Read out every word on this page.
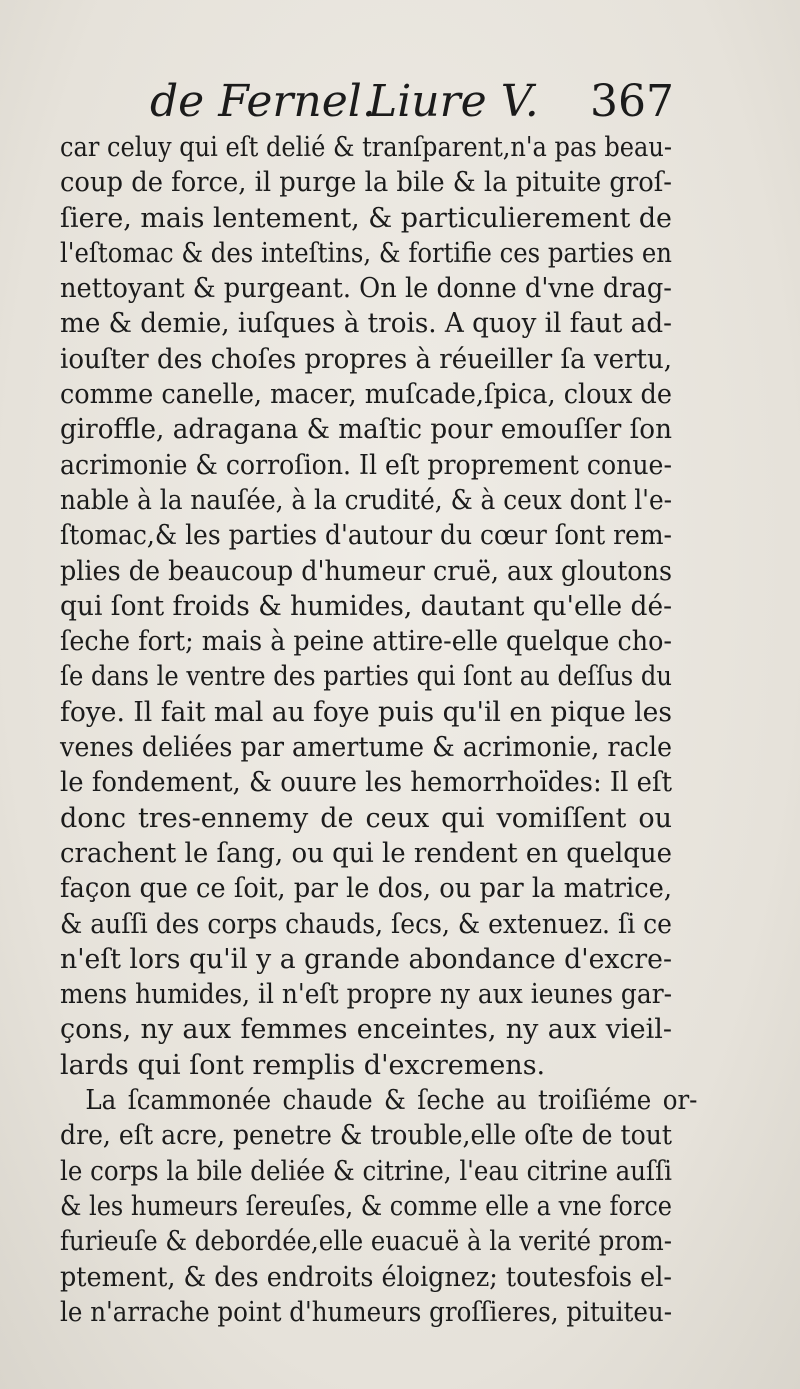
de Fernel.
Liure V. 367

car celuy qui eſt delié & tranſparent,n'a pas beau-
coup de force, il purge la bile & la pituite groſ-
ſiere, mais lentement, & particulierement de
l'eſtomac & des inteſtins, & fortifie ces parties en
nettoyant & purgeant. On le donne d'vne drag-
me & demie, iuſques à trois. A quoy il faut ad-
iouſter des choſes propres à réueiller ſa vertu,
comme canelle, macer, muſcade,ſpica, cloux de
giroffle, adragana & maſtic pour emouſſer ſon
acrimonie & corroſion. Il eſt proprement conue-
nable à la nauſée, à la crudité, & à ceux dont l'e-
ſtomac,& les parties d'autour du cœur ſont rem-
plies de beaucoup d'humeur cruë, aux gloutons
qui ſont froids & humides, dautant qu'elle dé-
ſeche fort; mais à peine attire-elle quelque cho-
ſe dans le ventre des parties qui ſont au deſſus du
foye. Il fait mal au foye puis qu'il en pique les
venes deliées par amertume & acrimonie, racle
le fondement, & ouure les hemorrhoïdes: Il eſt
donc tres-ennemy de ceux qui vomiſſent ou
crachent le ſang, ou qui le rendent en quelque
façon que ce ſoit, par le dos, ou par la matrice,
& auſſi des corps chauds, ſecs, & extenuez. ſi ce
n'eſt lors qu'il y a grande abondance d'excre-
mens humides, il n'eſt propre ny aux ieunes gar-
çons, ny aux femmes enceintes, ny aux vieil-
lards qui ſont remplis d'excremens.

La ſcammonée chaude & ſeche au troiſiéme or-
dre, eſt acre, penetre & trouble,elle oſte de tout
le corps la bile deliée & citrine, l'eau citrine auſſi
& les humeurs ſereuſes, & comme elle a vne force
furieuſe & debordée,elle euacuë à la verité prom-
ptement, & des endroits éloignez; toutesfois el-
le n'arrache point d'humeurs groſſieres, pituiteu-
